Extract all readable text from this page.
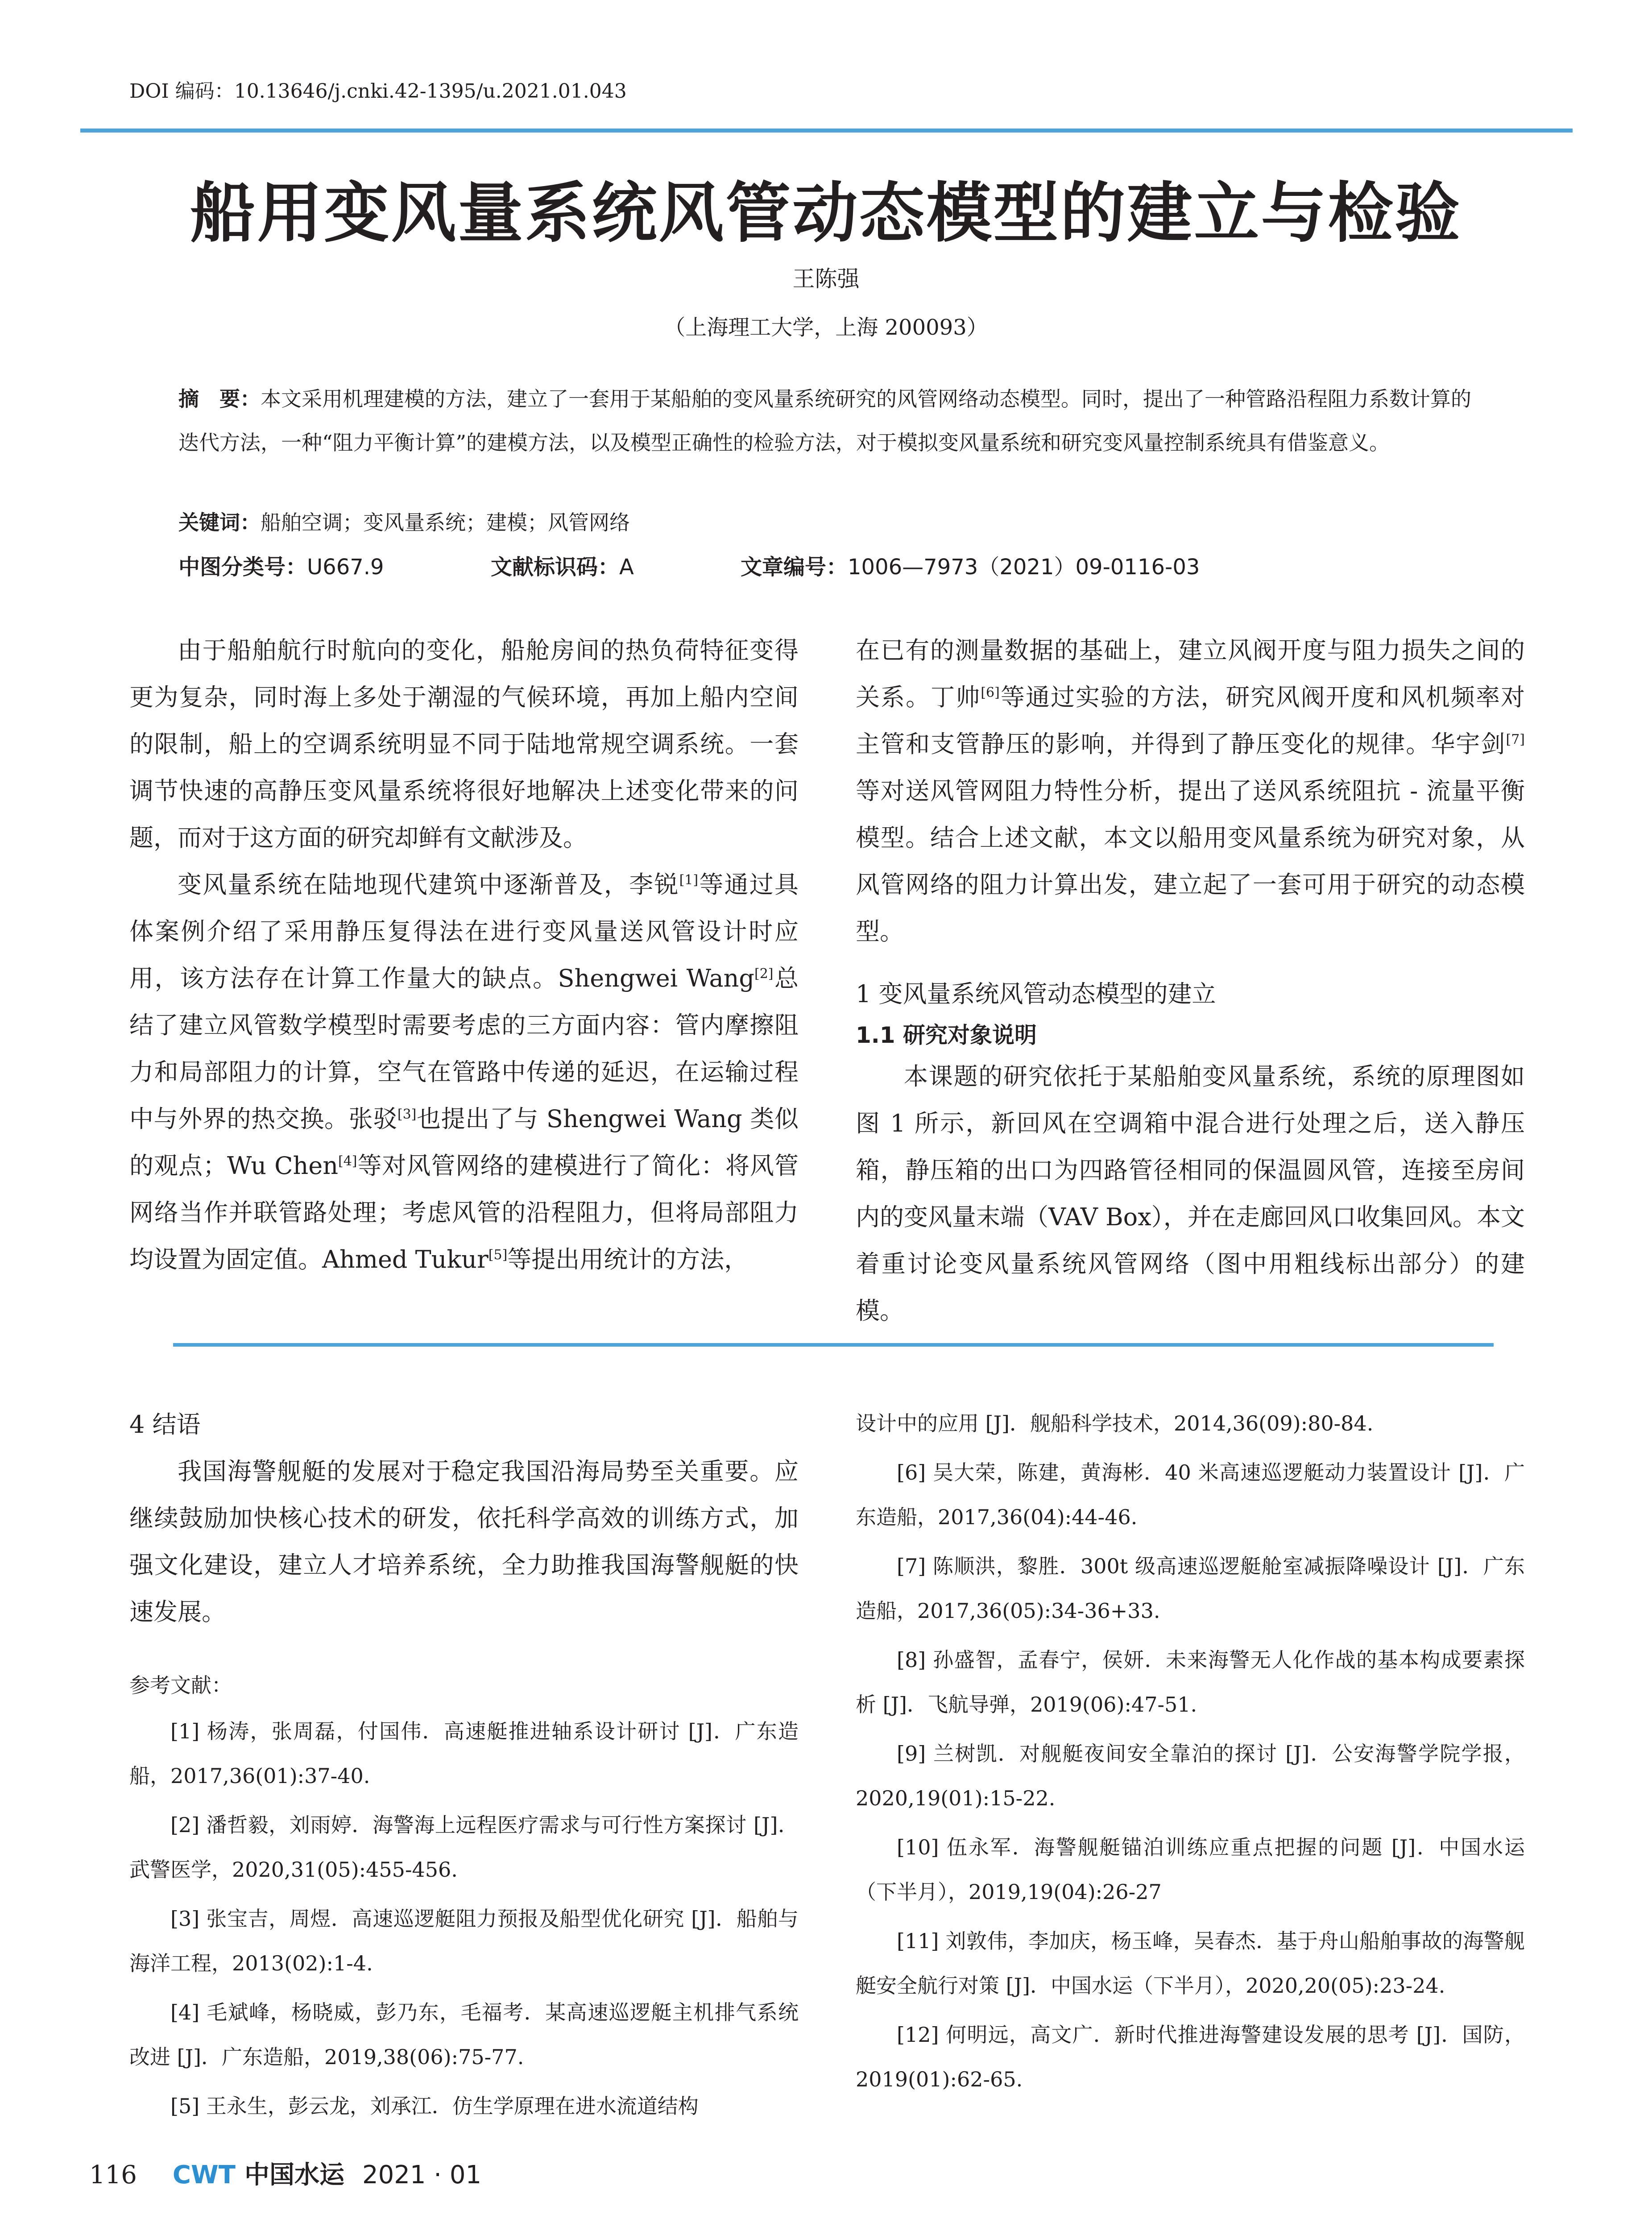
DOI 编码：10.13646/j.cnki.42-1395/u.2021.01.043
船用变风量系统风管动态模型的建立与检验
王陈强
（上海理工大学，上海 200093）
摘　要：本文采用机理建模的方法，建立了一套用于某船舶的变风量系统研究的风管网络动态模型。同时，提出了一种管路沿程阻力系数计算的迭代方法，一种“阻力平衡计算”的建模方法，以及模型正确性的检验方法，对于模拟变风量系统和研究变风量控制系统具有借鉴意义。
关键词：船舶空调；变风量系统；建模；风管网络
中图分类号：U667.9	文献标识码：A	文章编号：1006—7973（2021）09-0116-03

由于船舶航行时航向的变化，船舱房间的热负荷特征变得更为复杂，同时海上多处于潮湿的气候环境，再加上船内空间的限制，船上的空调系统明显不同于陆地常规空调系统。一套调节快速的高静压变风量系统将很好地解决上述变化带来的问题，而对于这方面的研究却鲜有文献涉及。

变风量系统在陆地现代建筑中逐渐普及，李锐[1]等通过具体案例介绍了采用静压复得法在进行变风量送风管设计时应用，该方法存在计算工作量大的缺点。Shengwei Wang[2]总结了建立风管数学模型时需要考虑的三方面内容：管内摩擦阻力和局部阻力的计算，空气在管路中传递的延迟，在运输过程中与外界的热交换。张驳[3]也提出了与 Shengwei Wang 类似的观点；Wu Chen[4]等对风管网络的建模进行了简化：将风管网络当作并联管路处理；考虑风管的沿程阻力，但将局部阻力均设置为固定值。Ahmed Tukur[5]等提出用统计的方法，

在已有的测量数据的基础上，建立风阀开度与阻力损失之间的关系。丁帅[6]等通过实验的方法，研究风阀开度和风机频率对主管和支管静压的影响，并得到了静压变化的规律。华宇剑[7]等对送风管网阻力特性分析，提出了送风系统阻抗 - 流量平衡模型。结合上述文献，本文以船用变风量系统为研究对象，从风管网络的阻力计算出发，建立起了一套可用于研究的动态模型。

1 变风量系统风管动态模型的建立

1.1 研究对象说明

本课题的研究依托于某船舶变风量系统，系统的原理图如图 1 所示，新回风在空调箱中混合进行处理之后，送入静压箱，静压箱的出口为四路管径相同的保温圆风管，连接至房间内的变风量末端（VAV Box），并在走廊回风口收集回风。本文着重讨论变风量系统风管网络（图中用粗线标出部分）的建模。

4 结语

我国海警舰艇的发展对于稳定我国沿海局势至关重要。应继续鼓励加快核心技术的研发，依托科学高效的训练方式，加强文化建设，建立人才培养系统，全力助推我国海警舰艇的快速发展。

参考文献：

[1] 杨涛，张周磊，付国伟．高速艇推进轴系设计研讨 [J]．广东造船，2017,36(01):37-40.

[2] 潘哲毅，刘雨婷．海警海上远程医疗需求与可行性方案探讨 [J]．武警医学，2020,31(05):455-456.

[3] 张宝吉，周煜．高速巡逻艇阻力预报及船型优化研究 [J]．船舶与海洋工程，2013(02):1-4.

[4] 毛斌峰，杨晓威，彭乃东，毛福考．某高速巡逻艇主机排气系统改进 [J]．广东造船，2019,38(06):75-77.

[5] 王永生，彭云龙，刘承江．仿生学原理在进水流道结构

设计中的应用 [J]．舰船科学技术，2014,36(09):80-84.

[6] 吴大荣，陈建，黄海彬．40 米高速巡逻艇动力装置设计 [J]．广东造船，2017,36(04):44-46.

[7] 陈顺洪，黎胜．300t 级高速巡逻艇舱室减振降噪设计 [J]．广东造船，2017,36(05):34-36+33.

[8] 孙盛智，孟春宁，侯妍．未来海警无人化作战的基本构成要素探析 [J]．飞航导弹，2019(06):47-51.

[9] 兰树凯．对舰艇夜间安全靠泊的探讨 [J]．公安海警学院学报，2020,19(01):15-22.

[10] 伍永军．海警舰艇锚泊训练应重点把握的问题 [J]．中国水运（下半月），2019,19(04):26-27

[11] 刘敦伟，李加庆，杨玉峰，吴春杰．基于舟山船舶事故的海警舰艇安全航行对策 [J]．中国水运（下半月），2020,20(05):23-24.

[12] 何明远，高文广．新时代推进海警建设发展的思考 [J]．国防，2019(01):62-65.

116 CWT 中国水运 2021 · 01
